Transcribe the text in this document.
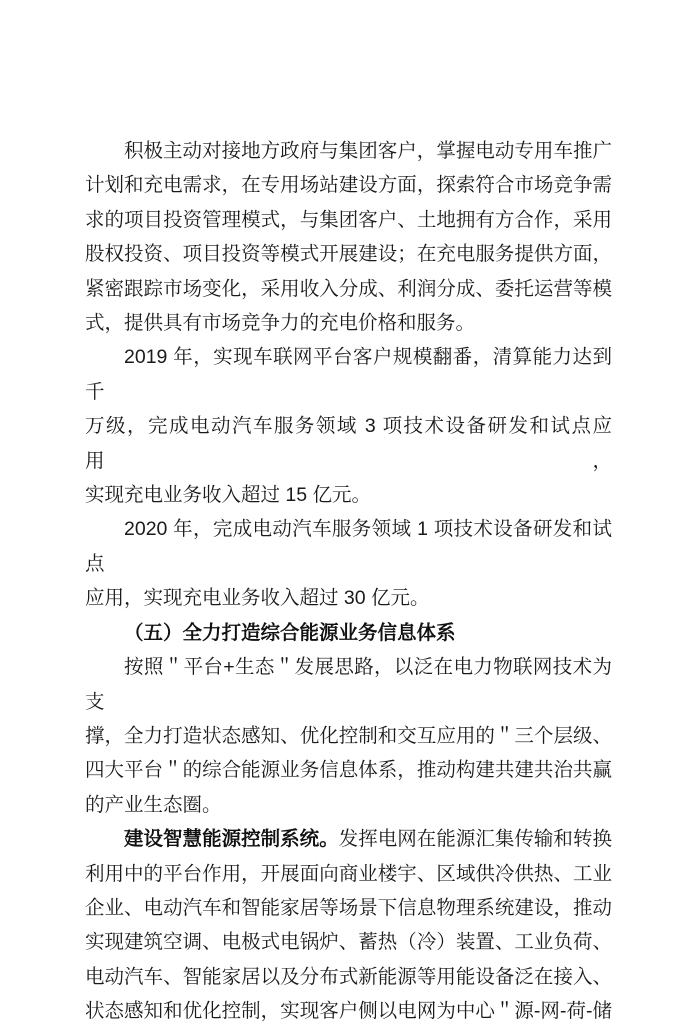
积极主动对接地方政府与集团客户，掌握电动专用车推广
计划和充电需求，在专用场站建设方面，探索符合市场竞争需
求的项目投资管理模式，与集团客户、土地拥有方合作，采用
股权投资、项目投资等模式开展建设；在充电服务提供方面，
紧密跟踪市场变化，采用收入分成、利润分成、委托运营等模
式，提供具有市场竞争力的充电价格和服务。

2019 年，实现车联网平台客户规模翻番，清算能力达到千
万级，完成电动汽车服务领域 3 项技术设备研发和试点应用，
实现充电业务收入超过 15 亿元。

2020 年，完成电动汽车服务领域 1 项技术设备研发和试点
应用，实现充电业务收入超过 30 亿元。

（五）全力打造综合能源业务信息体系

按照＂平台+生态＂发展思路，以泛在电力物联网技术为支
撑，全力打造状态感知、优化控制和交互应用的＂三个层级、
四大平台＂的综合能源业务信息体系，推动构建共建共治共赢
的产业生态圈。

建设智慧能源控制系统。发挥电网在能源汇集传输和转换
利用中的平台作用，开展面向商业楼宇、区域供冷供热、工业
企业、电动汽车和智能家居等场景下信息物理系统建设，推动
实现建筑空调、电极式电锅炉、蓄热（冷）装置、工业负荷、
电动汽车、智能家居以及分布式新能源等用能设备泛在接入、
状态感知和优化控制，实现客户侧以电网为中心＂源-网-荷-储
